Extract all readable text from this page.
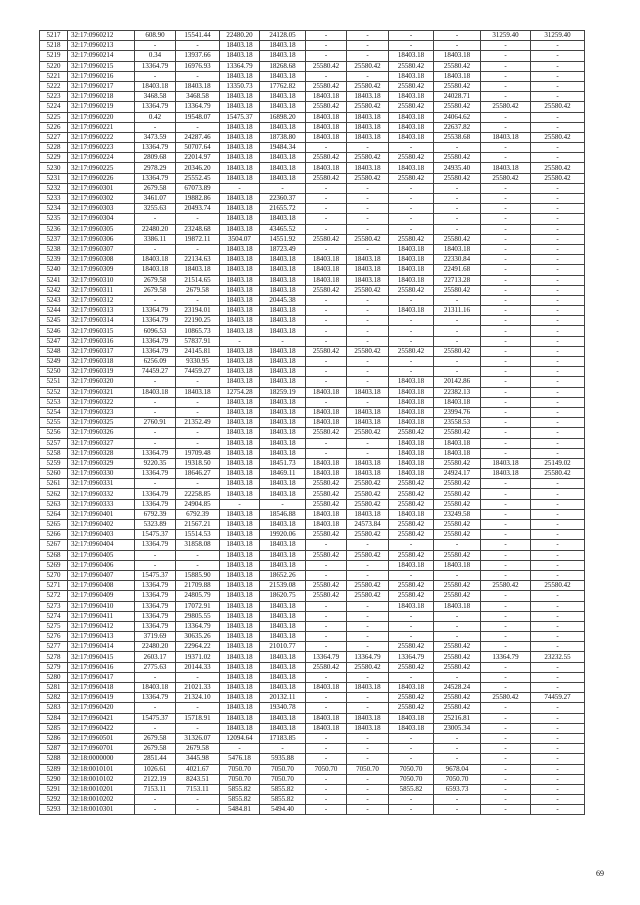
5217	32:17:0960212	608.90	15541.44	22480.20	24128.05	-	-	-	-	31259.40	31259.40
5218	32:17:0960213	-	-	18403.18	18403.18	-	-	-	-	-	-
5219	32:17:0960214	0.34	13937.66	18403.18	18403.18	-	-	18403.18	18403.18	-	-
5220	32:17:0960215	13364.79	16976.93	13364.79	18268.68	25580.42	25580.42	25580.42	25580.42	-	-
5221	32:17:0960216	-	-	18403.18	18403.18	-	-	18403.18	18403.18	-	-
5222	32:17:0960217	18403.18	18403.18	13350.73	17762.82	25580.42	25580.42	25580.42	25580.42	-	-
5223	32:17:0960218	3468.58	3468.58	18403.18	18403.18	18403.18	18403.18	18403.18	24028.71	-	-
5224	32:17:0960219	13364.79	13364.79	18403.18	18403.18	25580.42	25580.42	25580.42	25580.42	25580.42	25580.42
5225	32:17:0960220	0.42	19548.07	15475.37	16898.20	18403.18	18403.18	18403.18	24064.62	-	-
5226	32:17:0960221	-	-	18403.18	18403.18	18403.18	18403.18	18403.18	22637.82	-	-
5227	32:17:0960222	3473.59	24287.46	18403.18	18738.80	18403.18	18403.18	18403.18	25538.68	18403.18	25580.42
5228	32:17:0960223	13364.79	50707.64	18403.18	19484.34	-	-	-	-	-	-
5229	32:17:0960224	2809.68	22014.97	18403.18	18403.18	25580.42	25580.42	25580.42	25580.42	-	-
5230	32:17:0960225	2978.29	20346.20	18403.18	18403.18	18403.18	18403.18	18403.18	24935.40	18403.18	25580.42
5231	32:17:0960226	13364.79	25552.45	18403.18	18403.18	25580.42	25580.42	25580.42	25580.42	25580.42	25580.42
5232	32:17:0960301	2679.58	67073.89	-	-	-	-	-	-	-	-
5233	32:17:0960302	3461.07	19882.86	18403.18	22360.37	-	-	-	-	-	-
5234	32:17:0960303	3255.63	20493.74	18403.18	21655.72	-	-	-	-	-	-
5235	32:17:0960304	-	-	18403.18	18403.18	-	-	-	-	-	-
5236	32:17:0960305	22480.20	23248.68	18403.18	43465.52	-	-	-	-	-	-
5237	32:17:0960306	3386.11	19872.11	3504.07	14551.92	25580.42	25580.42	25580.42	25580.42	-	-
5238	32:17:0960307	-	-	18403.18	18723.49	-	-	18403.18	18403.18	-	-
5239	32:17:0960308	18403.18	22134.63	18403.18	18403.18	18403.18	18403.18	18403.18	22330.84	-	-
5240	32:17:0960309	18403.18	18403.18	18403.18	18403.18	18403.18	18403.18	18403.18	22491.68	-	-
5241	32:17:0960310	2679.58	21514.65	18403.18	18403.18	18403.18	18403.18	18403.18	22713.28	-	-
5242	32:17:0960311	2679.58	2679.58	18403.18	18403.18	25580.42	25580.42	25580.42	25580.42	-	-
5243	32:17:0960312	-	-	18403.18	20445.38	-	-	-	-	-	-
5244	32:17:0960313	13364.79	23194.01	18403.18	18403.18	-	-	18403.18	21311.16	-	-
5245	32:17:0960314	13364.79	22190.25	18403.18	18403.18	-	-	-	-	-	-
5246	32:17:0960315	6096.53	10865.73	18403.18	18403.18	-	-	-	-	-	-
5247	32:17:0960316	13364.79	57837.91	-	-	-	-	-	-	-	-
5248	32:17:0960317	13364.79	24145.81	18403.18	18403.18	25580.42	25580.42	25580.42	25580.42	-	-
5249	32:17:0960318	6256.09	9330.95	18403.18	18403.18	-	-	-	-	-	-
5250	32:17:0960319	74459.27	74459.27	18403.18	18403.18	-	-	-	-	-	-
5251	32:17:0960320	-	-	18403.18	18403.18	-	-	18403.18	20142.86	-	-
5252	32:17:0960321	18403.18	18403.18	12754.28	18259.19	18403.18	18403.18	18403.18	22382.13	-	-
5253	32:17:0960322	-	-	18403.18	18403.18	-	-	18403.18	18403.18	-	-
5254	32:17:0960323	-	-	18403.18	18403.18	18403.18	18403.18	18403.18	23994.76	-	-
5255	32:17:0960325	2760.91	21352.49	18403.18	18403.18	18403.18	18403.18	18403.18	23558.53	-	-
5256	32:17:0960326	-	-	18403.18	18403.18	25580.42	25580.42	25580.42	25580.42	-	-
5257	32:17:0960327	-	-	18403.18	18403.18	-	-	18403.18	18403.18	-	-
5258	32:17:0960328	13364.79	19709.48	18403.18	18403.18	-	-	18403.18	18403.18	-	-
5259	32:17:0960329	9220.35	19318.50	18403.18	18451.73	18403.18	18403.18	18403.18	25580.42	18403.18	25149.02
5260	32:17:0960330	13364.79	18646.27	18403.18	18469.11	18403.18	18403.18	18403.18	24924.17	18403.18	25580.42
5261	32:17:0960331	-	-	18403.18	18403.18	25580.42	25580.42	25580.42	25580.42	-	-
5262	32:17:0960332	13364.79	22258.85	18403.18	18403.18	25580.42	25580.42	25580.42	25580.42	-	-
5263	32:17:0960333	13364.79	24904.85	-	-	25580.42	25580.42	25580.42	25580.42	-	-
5264	32:17:0960401	6792.39	6792.39	18403.18	18546.88	18403.18	18403.18	18403.18	23249.58	-	-
5265	32:17:0960402	5323.89	21567.21	18403.18	18403.18	18403.18	24573.84	25580.42	25580.42	-	-
5266	32:17:0960403	15475.37	15514.53	18403.18	19920.06	25580.42	25580.42	25580.42	25580.42	-	-
5267	32:17:0960404	13364.79	31858.08	18403.18	18403.18	-	-	-	-	-	-
5268	32:17:0960405	-	-	18403.18	18403.18	25580.42	25580.42	25580.42	25580.42	-	-
5269	32:17:0960406	-	-	18403.18	18403.18	-	-	18403.18	18403.18	-	-
5270	32:17:0960407	15475.37	15885.90	18403.18	18652.26	-	-	-	-	-	-
5271	32:17:0960408	13364.79	21709.88	18403.18	21539.08	25580.42	25580.42	25580.42	25580.42	25580.42	25580.42
5272	32:17:0960409	13364.79	24805.79	18403.18	18620.75	25580.42	25580.42	25580.42	25580.42	-	-
5273	32:17:0960410	13364.79	17072.91	18403.18	18403.18	-	-	18403.18	18403.18	-	-
5274	32:17:0960411	13364.79	29805.55	18403.18	18403.18	-	-	-	-	-	-
5275	32:17:0960412	13364.79	13364.79	18403.18	18403.18	-	-	-	-	-	-
5276	32:17:0960413	3719.69	30635.26	18403.18	18403.18	-	-	-	-	-	-
5277	32:17:0960414	22480.20	22964.22	18403.18	21010.77	-	-	25580.42	25580.42	-	-
5278	32:17:0960415	2603.17	19371.02	18403.18	18403.18	13364.79	13364.79	13364.79	25580.42	13364.79	23232.55
5279	32:17:0960416	2775.63	20144.33	18403.18	18403.18	25580.42	25580.42	25580.42	25580.42	-	-
5280	32:17:0960417	-	-	18403.18	18403.18	-	-	-	-	-	-
5281	32:17:0960418	18403.18	21021.33	18403.18	18403.18	18403.18	18403.18	18403.18	24528.24	-	-
5282	32:17:0960419	13364.79	21324.10	18403.18	20132.11	-	-	25580.42	25580.42	25580.42	74459.27
5283	32:17:0960420	-	-	18403.18	19340.78	-	-	25580.42	25580.42	-	-
5284	32:17:0960421	15475.37	15718.91	18403.18	18403.18	18403.18	18403.18	18403.18	25216.81	-	-
5285	32:17:0960422	-	-	18403.18	18403.18	18403.18	18403.18	18403.18	23005.34	-	-
5286	32:17:0960501	2679.58	31326.07	12094.64	17183.85	-	-	-	-	-	-
5287	32:17:0960701	2679.58	2679.58	-	-	-	-	-	-	-	-
5288	32:18:0000000	2851.44	3445.98	5476.18	5935.88	-	-	-	-	-	-
5289	32:18:0010101	1026.61	4021.67	7050.70	7050.70	7050.70	7050.70	7050.70	9678.04	-	-
5290	32:18:0010102	2122.19	8243.51	7050.70	7050.70	-	-	7050.70	7050.70	-	-
5291	32:18:0010201	7153.11	7153.11	5855.82	5855.82	-	-	5855.82	6593.73	-	-
5292	32:18:0010202	-	-	5855.82	5855.82	-	-	-	-	-	-
5293	32:18:0010301	-	-	5484.81	5494.40	-	-	-	-	-	-
69
